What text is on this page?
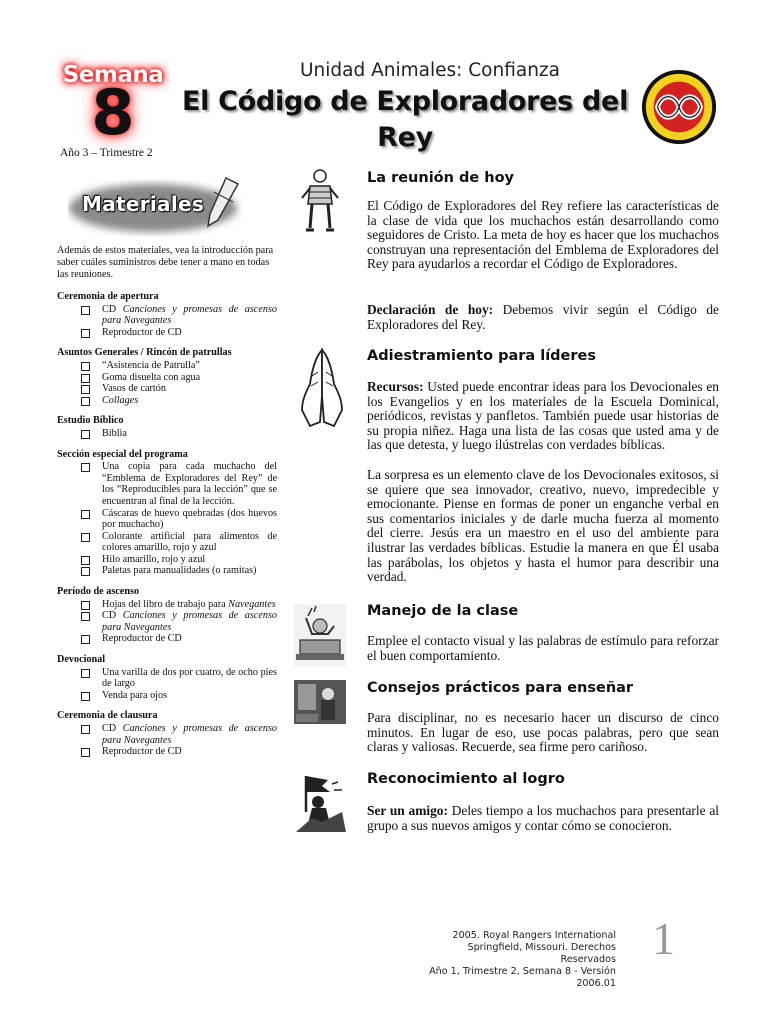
Semana
8
Año 3 – Trimestre 2
Unidad Animales: Confianza
El Código de Exploradores del Rey
Materiales
Además de estos materiales, vea la introducción para saber cuáles suministros debe tener a mano en todas las reuniones.
Ceremonia de apertura
CD Canciones y promesas de ascenso para Navegantes
Reproductor de CD
Asuntos Generales / Rincón de patrullas
“Asistencia de Patrulla”
Goma disuelta con agua
Vasos de cartón
Collages
Estudio Bíblico
Biblia
Sección especial del programa
Una copia para cada muchacho del “Emblema de Exploradores del Rey” de los “Reproducibles para la lección” que se encuentran al final de la lección.
Cáscaras de huevo quebradas (dos huevos por muchacho)
Colorante artificial para alimentos de colores amarillo, rojo y azul
Hilo amarillo, rojo y azul
Paletas para manualidades (o ramitas)
Período de ascenso
Hojas del libro de trabajo para Navegantes
CD Canciones y promesas de ascenso para Navegantes
Reproductor de CD
Devocional
Una varilla de dos por cuatro, de ocho pies de largo
Venda para ojos
Ceremonia de clausura
CD Canciones y promesas de ascenso para Navegantes
Reproductor de CD
La reunión de hoy
El Código de Exploradores del Rey refiere las características de la clase de vida que los muchachos están desarrollando como seguidores de Cristo. La meta de hoy es hacer que los muchachos construyan una representación del Emblema de Exploradores del Rey para ayudarlos a recordar el Código de Exploradores.
Declaración de hoy: Debemos vivir según el Código de Exploradores del Rey.
Adiestramiento para líderes
Recursos: Usted puede encontrar ideas para los Devocionales en los Evangelios y en los materiales de la Escuela Dominical, periódicos, revistas y panfletos. También puede usar historias de su propia niñez. Haga una lista de las cosas que usted ama y de las que detesta, y luego ilústrelas con verdades bíblicas.
La sorpresa es un elemento clave de los Devocionales exitosos, si se quiere que sea innovador, creativo, nuevo, impredecible y emocionante. Piense en formas de poner un enganche verbal en sus comentarios iniciales y de darle mucha fuerza al momento del cierre. Jesús era un maestro en el uso del ambiente para ilustrar las verdades bíblicas. Estudie la manera en que Él usaba las parábolas, los objetos y hasta el humor para describir una verdad.
Manejo de la clase
Emplee el contacto visual y las palabras de estímulo para reforzar el buen comportamiento.
Consejos prácticos para enseñar
Para disciplinar, no es necesario hacer un discurso de cinco minutos. En lugar de eso, use pocas palabras, pero que sean claras y valiosas. Recuerde, sea firme pero cariñoso.
Reconocimiento al logro
Ser un amigo: Deles tiempo a los muchachos para presentarle al grupo a sus nuevos amigos y contar cómo se conocieron.
2005. Royal Rangers International
Springfield, Missouri. Derechos Reservados
Año 1, Trimestre 2, Semana 8 - Versión 2006.01
1
